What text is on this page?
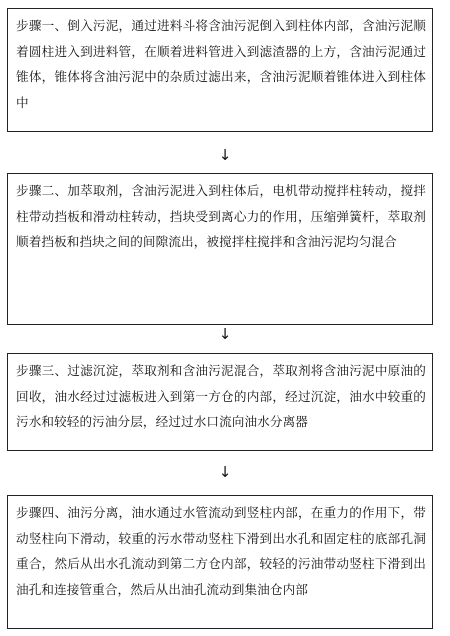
步骤一、倒入污泥，通过进料斗将含油污泥倒入到柱体内部，含油污泥顺着圆柱进入到进料管，在顺着进料管进入到滤渣器的上方，含油污泥通过锥体，锥体将含油污泥中的杂质过滤出来，含油污泥顺着锥体进入到柱体中
↓
步骤二、加萃取剂，含油污泥进入到柱体后，电机带动搅拌柱转动，搅拌柱带动挡板和滑动柱转动，挡块受到离心力的作用，压缩弹簧杆，萃取剂顺着挡板和挡块之间的间隙流出，被搅拌柱搅拌和含油污泥均匀混合
↓
步骤三、过滤沉淀，萃取剂和含油污泥混合，萃取剂将含油污泥中原油的回收，油水经过过滤板进入到第一方仓的内部，经过沉淀，油水中较重的污水和较轻的污油分层，经过过水口流向油水分离器
↓
步骤四、油污分离，油水通过水管流动到竖柱内部，在重力的作用下，带动竖柱向下滑动，较重的污水带动竖柱下滑到出水孔和固定柱的底部孔洞重合，然后从出水孔流动到第二方仓内部，较轻的污油带动竖柱下滑到出油孔和连接管重合，然后从出油孔流动到集油仓内部
